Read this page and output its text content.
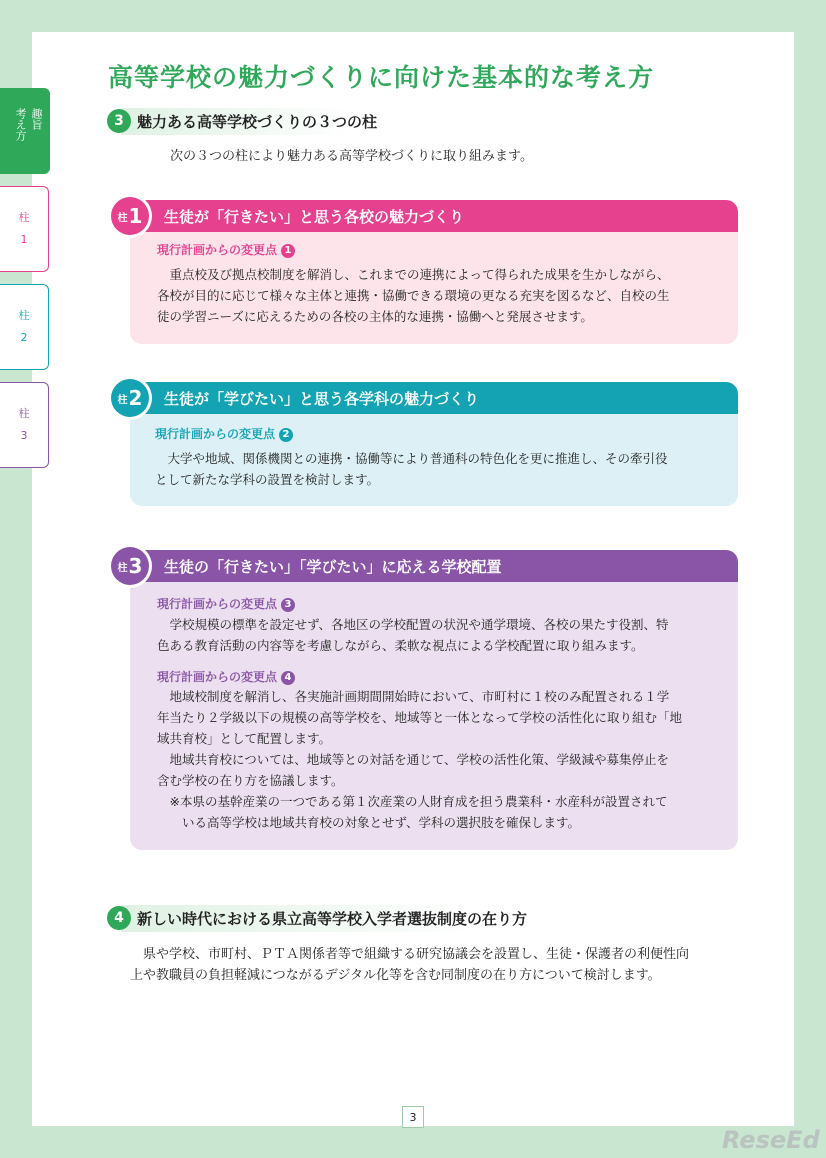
趣旨
考え方
柱
1
柱
2
柱
3
高等学校の魅力づくりに向けた基本的な考え方
3 魅力ある高等学校づくりの３つの柱
次の３つの柱により魅力ある高等学校づくりに取り組みます。
生徒が「行きたい」と思う各校の魅力づくり
柱 1
現行計画からの変更点 1
　重点校及び拠点校制度を解消し、これまでの連携によって得られた成果を生かしながら、
各校が目的に応じて様々な主体と連携・協働できる環境の更なる充実を図るなど、自校の生
徒の学習ニーズに応えるための各校の主体的な連携・協働へと発展させます。
生徒が「学びたい」と思う各学科の魅力づくり
柱 2
現行計画からの変更点 2
　大学や地域、関係機関との連携・協働等により普通科の特色化を更に推進し、その牽引役
として新たな学科の設置を検討します。
生徒の「行きたい」「学びたい」に応える学校配置
柱 3
現行計画からの変更点 3
　学校規模の標準を設定せず、各地区の学校配置の状況や通学環境、各校の果たす役割、特
色ある教育活動の内容等を考慮しながら、柔軟な視点による学校配置に取り組みます。
現行計画からの変更点 4
　地域校制度を解消し、各実施計画期間開始時において、市町村に１校のみ配置される１学
年当たり２学級以下の規模の高等学校を、地域等と一体となって学校の活性化に取り組む「地
域共育校」として配置します。
　地域共育校については、地域等との対話を通じて、学校の活性化策、学級減や募集停止を
含む学校の在り方を協議します。
　※本県の基幹産業の一つである第１次産業の人財育成を担う農業科・水産科が設置されて
　　いる高等学校は地域共育校の対象とせず、学科の選択肢を確保します。
4 新しい時代における県立高等学校入学者選抜制度の在り方
　県や学校、市町村、ＰＴＡ関係者等で組織する研究協議会を設置し、生徒・保護者の利便性向
上や教職員の負担軽減につながるデジタル化等を含む同制度の在り方について検討します。
3
ReseEd
